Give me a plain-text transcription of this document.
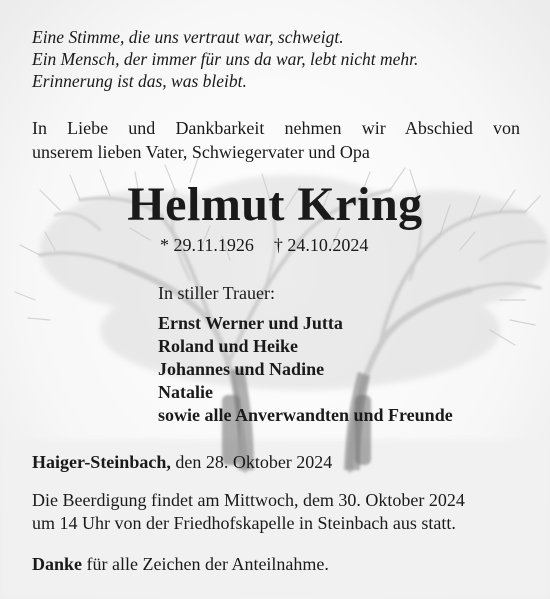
Eine Stimme, die uns vertraut war, schweigt.
Ein Mensch, der immer für uns da war, lebt nicht mehr.
Erinnerung ist das, was bleibt.
In Liebe und Dankbarkeit nehmen wir Abschied von
unserem lieben Vater, Schwiegervater und Opa
Helmut Kring
* 29.11.1926 † 24.10.2024
In stiller Trauer:
Ernst Werner und Jutta
Roland und Heike
Johannes und Nadine
Natalie
sowie alle Anverwandten und Freunde
Haiger-Steinbach, den 28. Oktober 2024
Die Beerdigung findet am Mittwoch, dem 30. Oktober 2024
um 14 Uhr von der Friedhofskapelle in Steinbach aus statt.
Danke für alle Zeichen der Anteilnahme.
